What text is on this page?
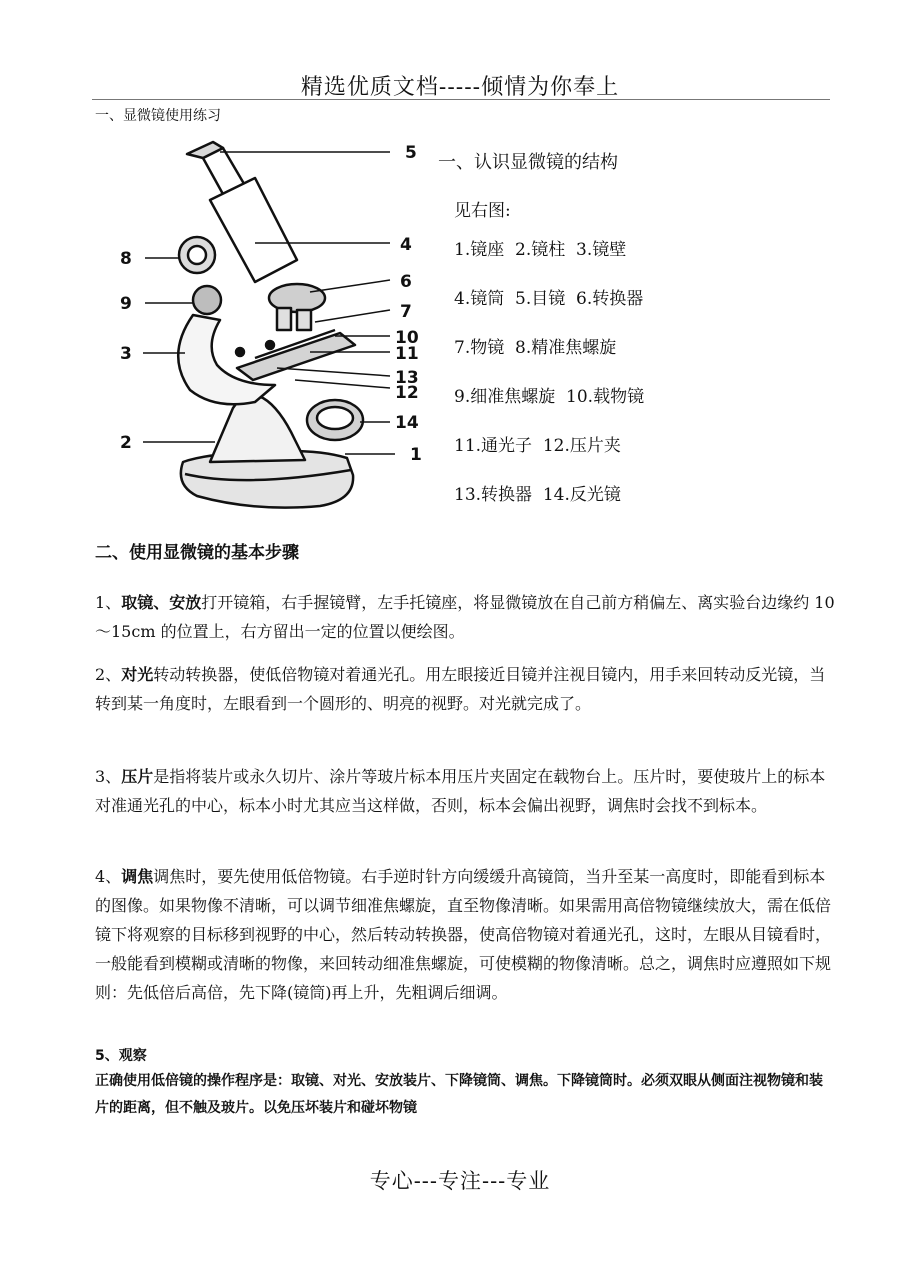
精选优质文档-----倾情为你奉上
一、显微镜使用练习
5
4
6
7
10
11
13
12
14
1
8
9
3
2

一、认识显微镜的结构

见右图:

1.镜座  2.镜柱  3.镜壁

4.镜筒  5.目镜  6.转换器

7.物镜  8.精准焦螺旋

9.细准焦螺旋  10.载物镜

11.通光子  12.压片夹

13.转换器  14.反光镜

二、使用显微镜的基本步骤
1、取镜、安放打开镜箱，右手握镜臂，左手托镜座，将显微镜放在自己前方稍偏左、离实验台边缘约 10～15cm 的位置上，右方留出一定的位置以便绘图。
2、对光转动转换器，使低倍物镜对着通光孔。用左眼接近目镜并注视目镜内，用手来回转动反光镜，当转到某一角度时，左眼看到一个圆形的、明亮的视野。对光就完成了。
3、压片是指将装片或永久切片、涂片等玻片标本用压片夹固定在载物台上。压片时，要使玻片上的标本对准通光孔的中心，标本小时尤其应当这样做，否则，标本会偏出视野，调焦时会找不到标本。
4、调焦调焦时，要先使用低倍物镜。右手逆时针方向缓缓升高镜筒，当升至某一高度时，即能看到标本的图像。如果物像不清晰，可以调节细准焦螺旋，直至物像清晰。如果需用高倍物镜继续放大，需在低倍镜下将观察的目标移到视野的中心，然后转动转换器，使高倍物镜对着通光孔，这时，左眼从目镜看时，一般能看到模糊或清晰的物像，来回转动细准焦螺旋，可使模糊的物像清晰。总之，调焦时应遵照如下规则：先低倍后高倍，先下降(镜筒)再上升，先粗调后细调。
5、观察
正确使用低倍镜的操作程序是：取镜、对光、安放装片、下降镜筒、调焦。下降镜筒时。必须双眼从侧面注视物镜和装片的距离，但不触及玻片。以免压坏装片和碰坏物镜
专心---专注---专业
